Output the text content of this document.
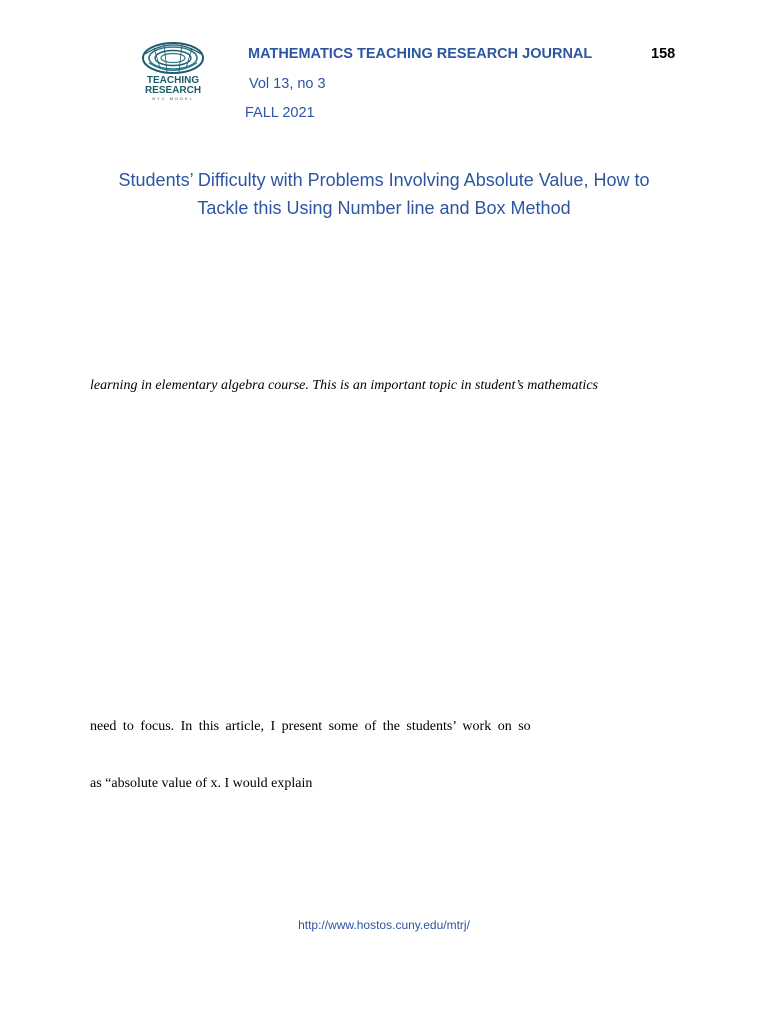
TEACHING
RESEARCH
NYC MODEL
MATHEMATICS TEACHING RESEARCH JOURNAL	158
Vol 13, no 3
FALL 2021
Students’ Difficulty with Problems Involving Absolute Value, How to
Tackle this Using Number line and Box Method
learning in elementary algebra course. This is an important topic in student’s mathematics
need to focus. In this article, I present some of the students’ work on so
as “absolute value of x. I would explain
http://www.hostos.cuny.edu/mtrj/
